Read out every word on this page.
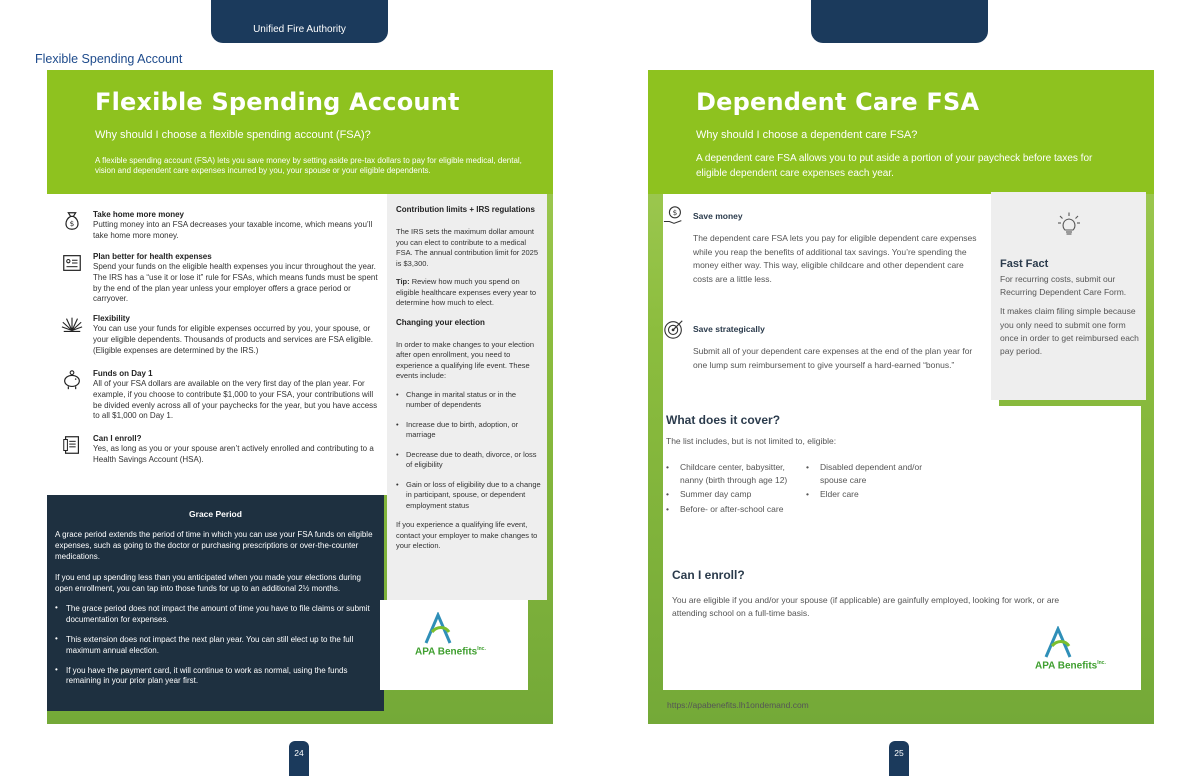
Unified Fire Authority
Flexible Spending Account
Flexible Spending Account
Why should I choose a flexible spending account (FSA)?

A flexible spending account (FSA) lets you save money by setting aside pre-tax dollars to pay for eligible medical, dental, vision and dependent care expenses incurred by you, your spouse or your eligible dependents.

$
Take home more money
Putting money into an FSA decreases your taxable income, which means you’ll take home more money.
Plan better for health expenses
Spend your funds on the eligible health expenses you incur throughout the year. The IRS has a “use it or lose it” rule for FSAs, which means funds must be spent by the end of the plan year unless your employer offers a grace period or carryover.
Flexibility
You can use your funds for eligible expenses occurred by you, your spouse, or your eligible dependents. Thousands of products and services are FSA eligible. (Eligible expenses are determined by the IRS.)
Funds on Day 1
All of your FSA dollars are available on the very first day of the plan year. For example, if you choose to contribute $1,000 to your FSA, your contributions will be divided evenly across all of your paychecks for the year, but you have access to all $1,000 on Day 1.
Can I enroll?
Yes, as long as you or your spouse aren’t actively enrolled and contributing to a Health Savings Account (HSA).
Grace Period

A grace period extends the period of time in which you can use your FSA funds on eligible expenses, such as going to the doctor or purchasing prescriptions or over-the-counter medications.

If you end up spending less than you anticipated when you made your elections during open enrollment, you can tap into those funds for up to an additional 2½ months.

• The grace period does not impact the amount of time you have to file claims or submit documentation for expenses.
• This extension does not impact the next plan year. You can still elect up to the full maximum annual election.
• If you have the payment card, it will continue to work as normal, using the funds remaining in your prior plan year first.
Contribution limits + IRS regulations

The IRS sets the maximum dollar amount you can elect to contribute to a medical FSA. The annual contribution limit for 2025 is $3,300.

Tip: Review how much you spend on eligible healthcare expenses every year to determine how much to elect.

Changing your election

In order to make changes to your election after open enrollment, you need to experience a qualifying life event. These events include:

• Change in marital status or in the number of dependents
• Increase due to birth, adoption, or marriage
• Decrease due to death, divorce, or loss of eligibility
• Gain or loss of eligibility due to a change in participant, spouse, or dependent employment status

If you experience a qualifying life event, contact your employer to make changes to your election.

APA Benefits$^{Inc.}$
Dependent Care FSA
Why should I choose a dependent care FSA?

A dependent care FSA allows you to put aside a portion of your paycheck before taxes for eligible dependent care expenses each year.

$ Save money
The dependent care FSA lets you pay for eligible dependent care expenses while you reap the benefits of additional tax savings. You’re spending the money either way. This way, eligible childcare and other dependent care costs are a little less.
Save strategically
Submit all of your dependent care expenses at the end of the plan year for one lump sum reimbursement to give yourself a hard-earned “bonus.”
Fast Fact

For recurring costs, submit our Recurring Dependent Care Form.

It makes claim filing simple because you only need to submit one form once in order to get reimbursed each pay period.

What does it cover?
The list includes, but is not limited to, eligible:
• Childcare center, babysitter, nanny (birth through age 12)
• Summer day camp
• Before- or after-school care
• Disabled dependent and/or spouse care
• Elder care
Can I enroll?
You are eligible if you and/or your spouse (if applicable) are gainfully employed, looking for work, or are attending school on a full-time basis.
APA Benefits$^{Inc.}$
https://apabenefits.lh1ondemand.com
24	25
